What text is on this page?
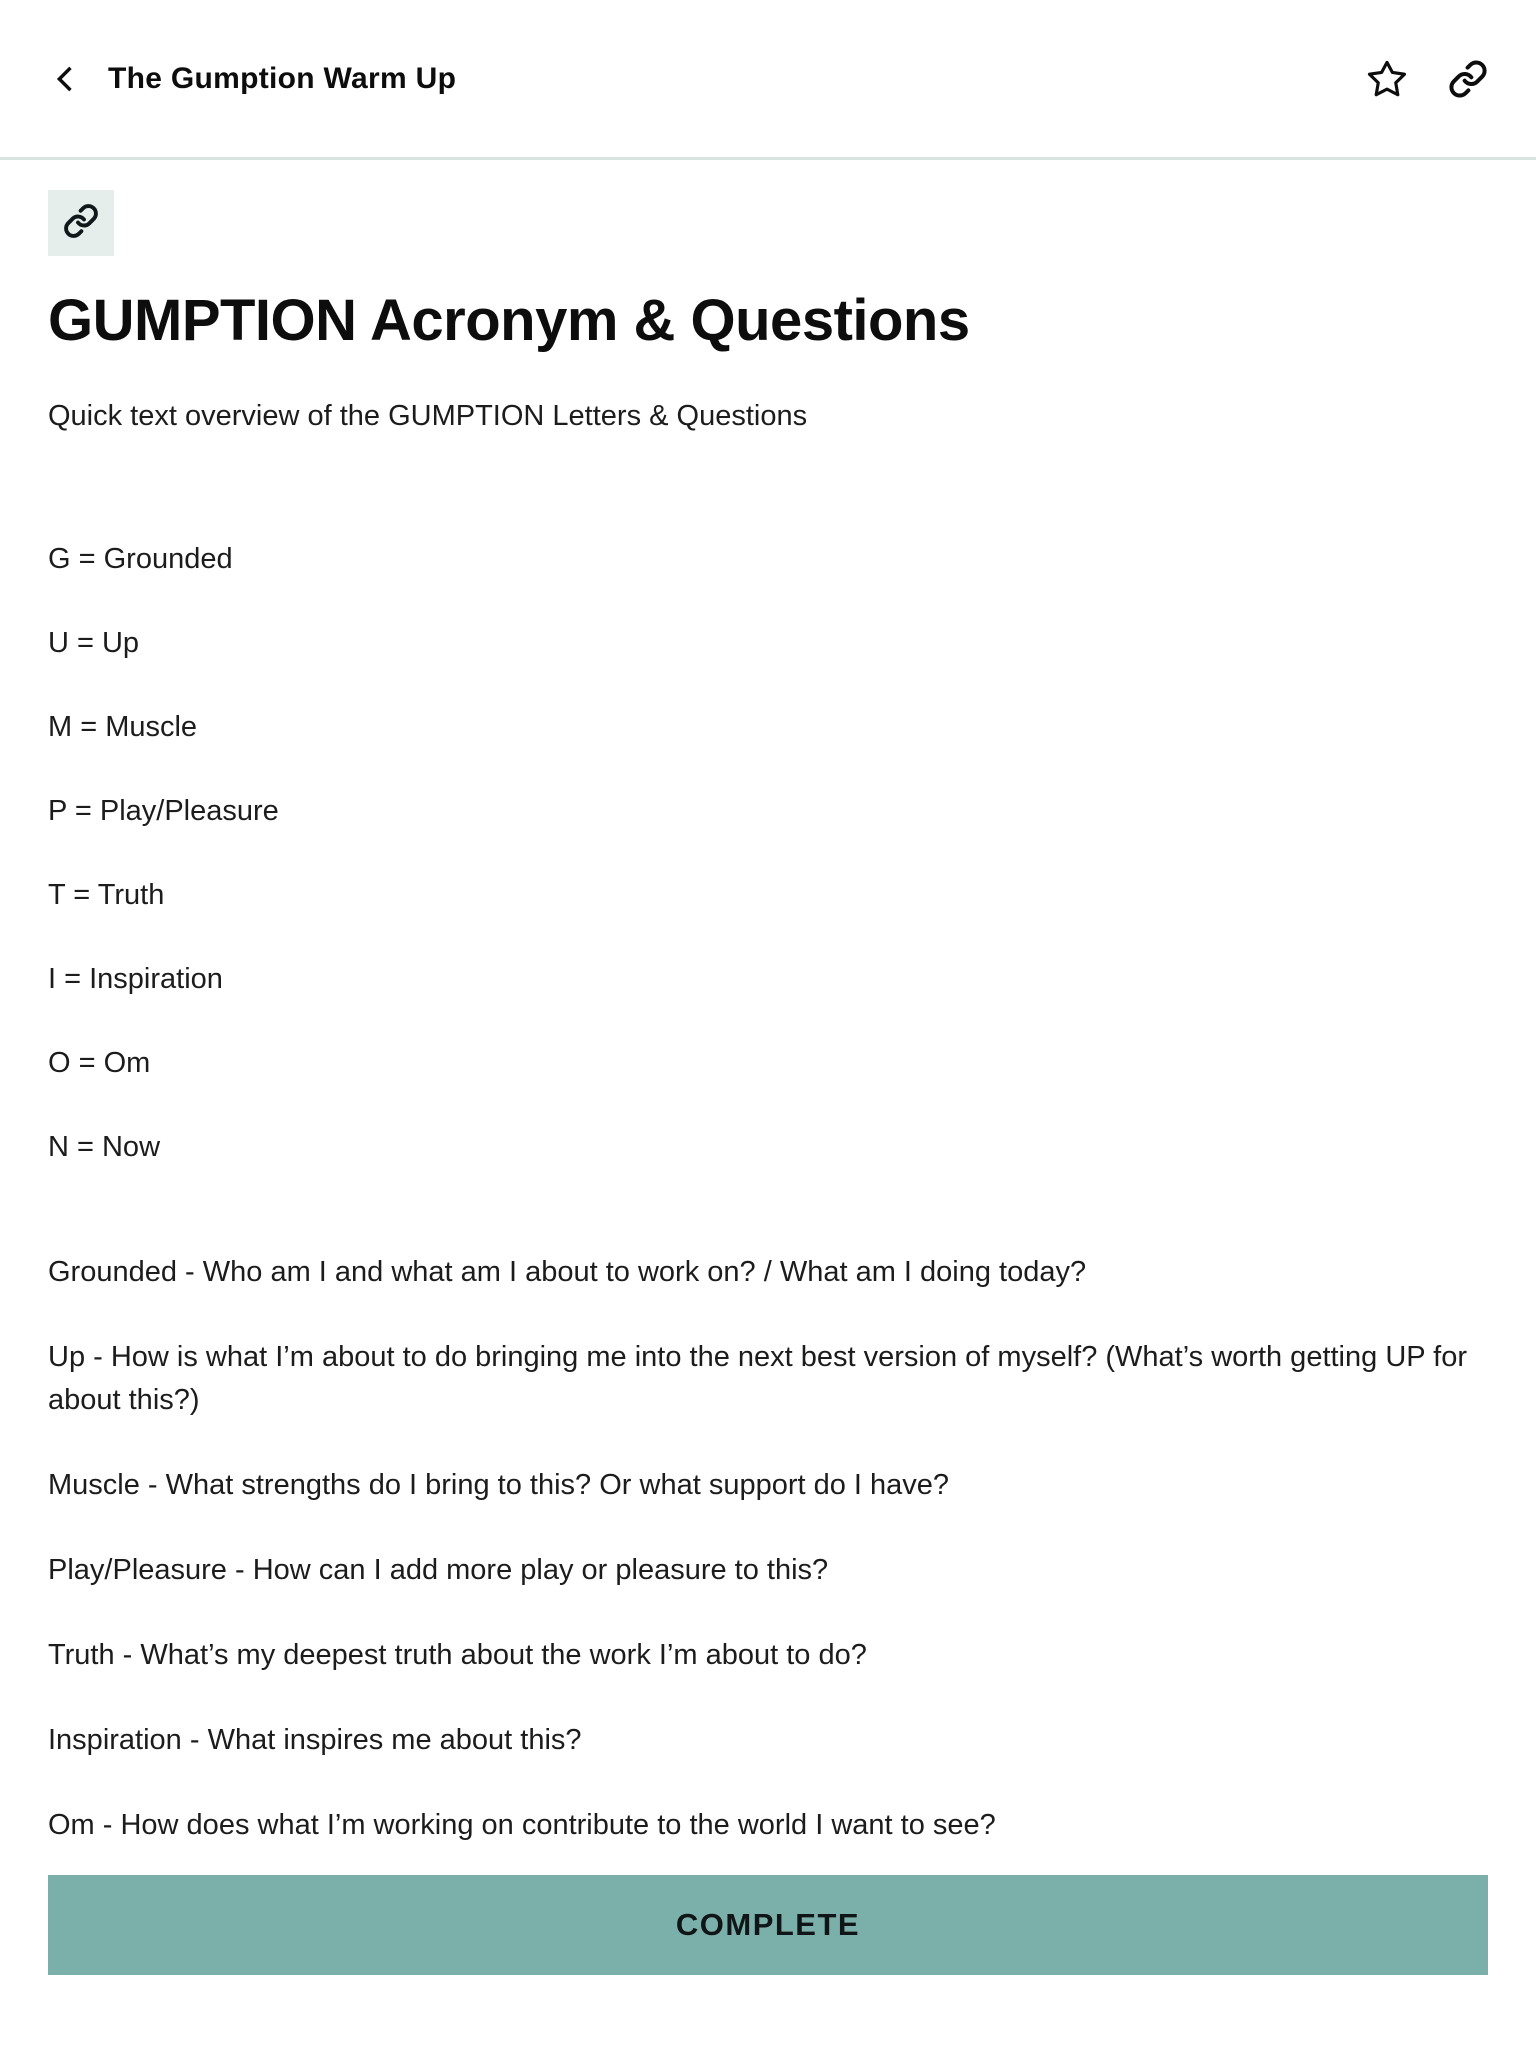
The Gumption Warm Up
GUMPTION Acronym & Questions

Quick text overview of the GUMPTION Letters & Questions

G = Grounded

U = Up

M = Muscle

P = Play/Pleasure

T = Truth

I = Inspiration

O = Om

N = Now

Grounded - Who am I and what am I about to work on? / What am I doing today?

Up - How is what I’m about to do bringing me into the next best version of myself? (What’s worth getting UP for about this?)

Muscle - What strengths do I bring to this? Or what support do I have?

Play/Pleasure - How can I add more play or pleasure to this?

Truth - What’s my deepest truth about the work I’m about to do?

Inspiration - What inspires me about this?

Om - How does what I’m working on contribute to the world I want to see?

COMPLETE
